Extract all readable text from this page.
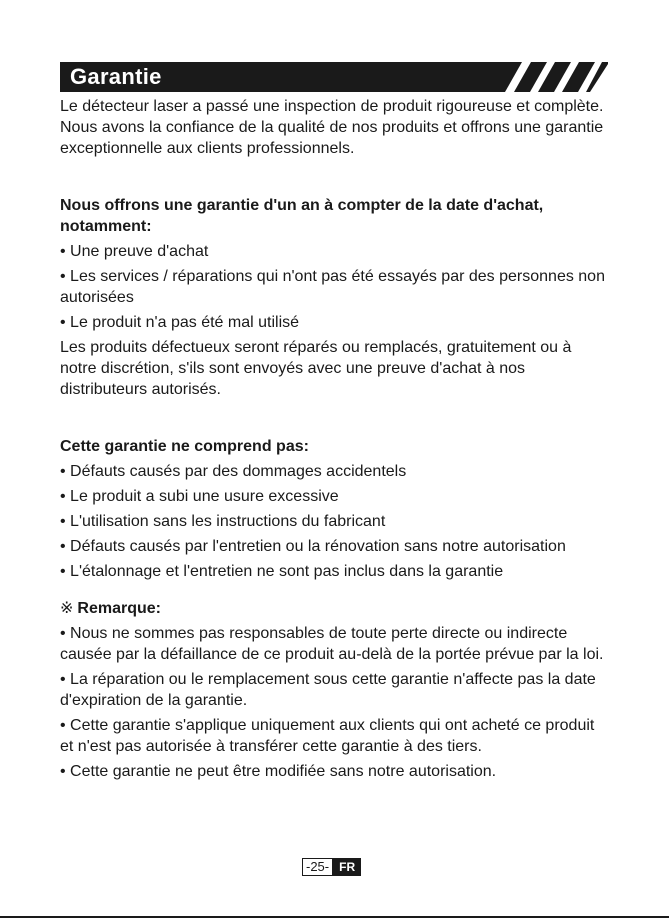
Garantie

Le détecteur laser a passé une inspection de produit rigoureuse et complète. Nous avons la confiance de la qualité de nos produits et offrons une garantie exceptionnelle aux clients professionnels.

Nous offrons une garantie d'un an à compter de la date d'achat, notamment:

• Une preuve d'achat

• Les services / réparations qui n'ont pas été essayés par des personnes non autorisées

• Le produit n'a pas été mal utilisé

Les produits défectueux seront réparés ou remplacés, gratuitement ou à notre discrétion, s'ils sont envoyés avec une preuve d'achat à nos distributeurs autorisés.

Cette garantie ne comprend pas:

• Défauts causés par des dommages accidentels

• Le produit a subi une usure excessive

• L'utilisation sans les instructions du fabricant

• Défauts causés par l'entretien ou la rénovation sans notre autorisation

• L'étalonnage et l'entretien ne sont pas inclus dans la garantie

※ Remarque:

• Nous ne sommes pas responsables de toute perte directe ou indirecte causée par la défaillance de ce produit au-delà de la portée prévue par la loi.

• La réparation ou le remplacement sous cette garantie n'affecte pas la date d'expiration de la garantie.

• Cette garantie s'applique uniquement aux clients qui ont acheté ce produit et n'est pas autorisée à transférer cette garantie à des tiers.

• Cette garantie ne peut être modifiée sans notre autorisation.

-25- FR
